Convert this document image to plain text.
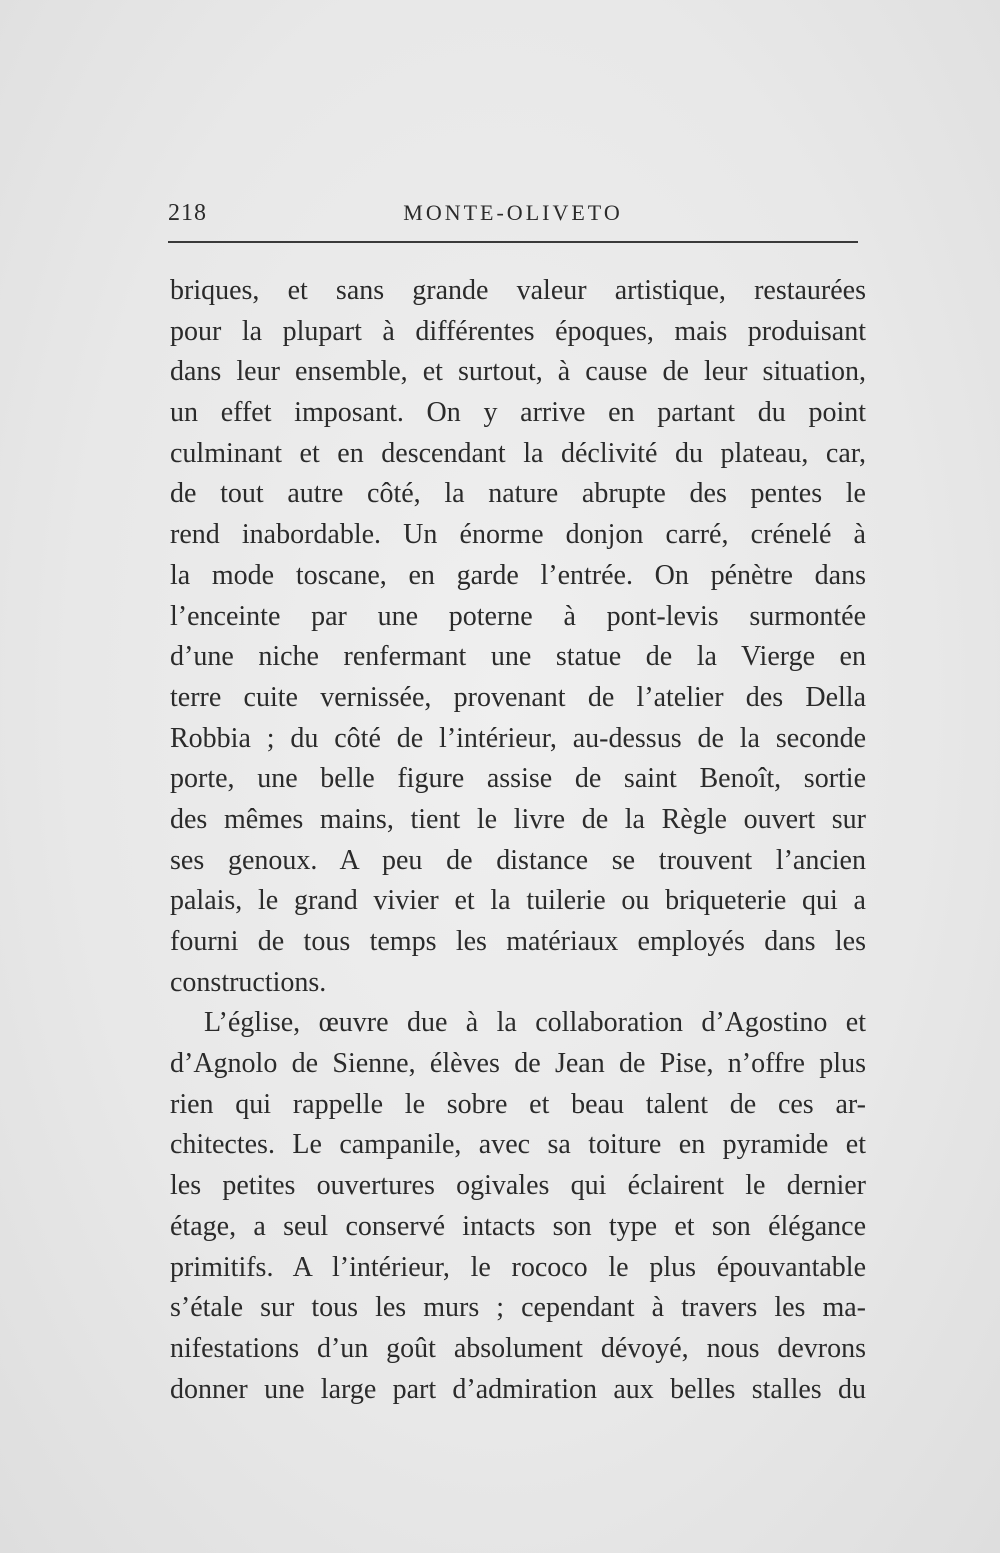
218	MONTE-OLIVETO
briques, et sans grande valeur artistique, restaurées
pour la plupart à différentes époques, mais produisant
dans leur ensemble, et surtout, à cause de leur situation,
un effet imposant. On y arrive en partant du point
culminant et en descendant la déclivité du plateau, car,
de tout autre côté, la nature abrupte des pentes le
rend inabordable. Un énorme donjon carré, crénelé à
la mode toscane, en garde l’entrée. On pénètre dans
l’enceinte par une poterne à pont-levis surmontée
d’une niche renfermant une statue de la Vierge en
terre cuite vernissée, provenant de l’atelier des Della
Robbia ; du côté de l’intérieur, au-dessus de la seconde
porte, une belle figure assise de saint Benoît, sortie
des mêmes mains, tient le livre de la Règle ouvert sur
ses genoux. A peu de distance se trouvent l’ancien
palais, le grand vivier et la tuilerie ou briqueterie qui a
fourni de tous temps les matériaux employés dans les
constructions.
L’église, œuvre due à la collaboration d’Agostino et
d’Agnolo de Sienne, élèves de Jean de Pise, n’offre plus
rien qui rappelle le sobre et beau talent de ces ar-
chitectes. Le campanile, avec sa toiture en pyramide et
les petites ouvertures ogivales qui éclairent le dernier
étage, a seul conservé intacts son type et son élégance
primitifs. A l’intérieur, le rococo le plus épouvantable
s’étale sur tous les murs ; cependant à travers les ma-
nifestations d’un goût absolument dévoyé, nous devrons
donner une large part d’admiration aux belles stalles du
